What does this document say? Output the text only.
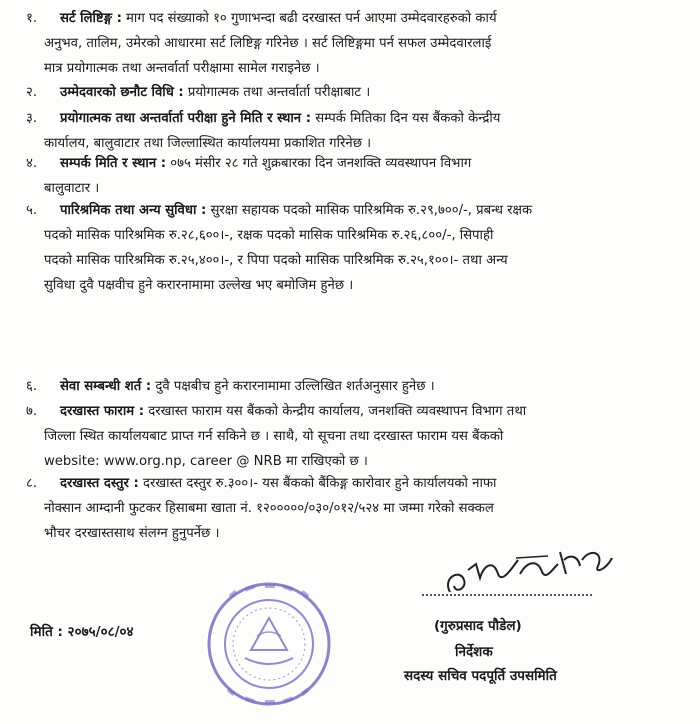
१.	सर्ट लिष्टिङ्ग : माग पद संख्याको १० गुणाभन्दा बढी दरखास्त पर्न आएमा उम्मेदवारहरुको कार्य
अनुभव, तालिम, उमेरको आधारमा सर्ट लिष्टिङ्ग गरिनेछ । सर्ट लिष्टिङ्गमा पर्न सफल उम्मेदवारलाई
मात्र प्रयोगात्मक तथा अन्तर्वार्ता परीक्षामा सामेल गराइनेछ ।
२.	उम्मेदवारको छनौट विधि : प्रयोगात्मक तथा अन्तर्वार्ता परीक्षाबाट ।
३.	प्रयोगात्मक तथा अन्तर्वार्ता परीक्षा हुने मिति र स्थान : सम्पर्क मितिका दिन यस बैंकको केन्द्रीय
कार्यालय, बालुवाटार तथा जिल्लास्थित कार्यालयमा प्रकाशित गरिनेछ ।
४.	सम्पर्क मिति र स्थान : ०७५ मंसीर २८ गते शुक्रबारका दिन जनशक्ति व्यवस्थापन विभाग
बालुवाटार ।
५.	पारिश्रमिक तथा अन्य सुविधा : सुरक्षा सहायक पदको मासिक पारिश्रमिक रु.२९,७००/-, प्रबन्ध रक्षक
पदको मासिक पारिश्रमिक रु.२८,६००।-, रक्षक पदको मासिक पारिश्रमिक रु.२६,८००/-, सिपाही
पदको मासिक पारिश्रमिक रु.२५,४००।-, र पिपा पदको मासिक पारिश्रमिक रु.२५,१००।- तथा अन्य
सुविधा दुवै पक्षवीच हुने करारनामामा उल्लेख भए बमोजिम हुनेछ ।
६.	सेवा सम्बन्धी शर्त : दुवै पक्षबीच हुने करारनामामा उल्लिखित शर्तअनुसार हुनेछ ।
७.	दरखास्त फाराम : दरखास्त फाराम यस बैंकको केन्द्रीय कार्यालय, जनशक्ति व्यवस्थापन विभाग तथा
जिल्ला स्थित कार्यालयबाट प्राप्त गर्न सकिने छ । साथै, यो सूचना तथा दरखास्त फाराम यस बैंकको
website: www.org.np, career @ NRB मा राखिएको छ ।
८.	दरखास्त दस्तुर : दरखास्त दस्तुर रु.३००।- यस बैंकको बैंकिङ्ग कारोवार हुने कार्यालयको नाफा
नोक्सान आम्दानी फुटकर हिसाबमा खाता नं. १२०००००/०३०/०१२/५२४ मा जम्मा गरेको सक्कल
भौचर दरखास्तसाथ संलग्न हुनुपर्नेछ ।
मिति : २०७५/०८/०४	(गुरुप्रसाद पौडेल)
निर्देशक
सदस्य सचिव पदपूर्ति उपसमिति
